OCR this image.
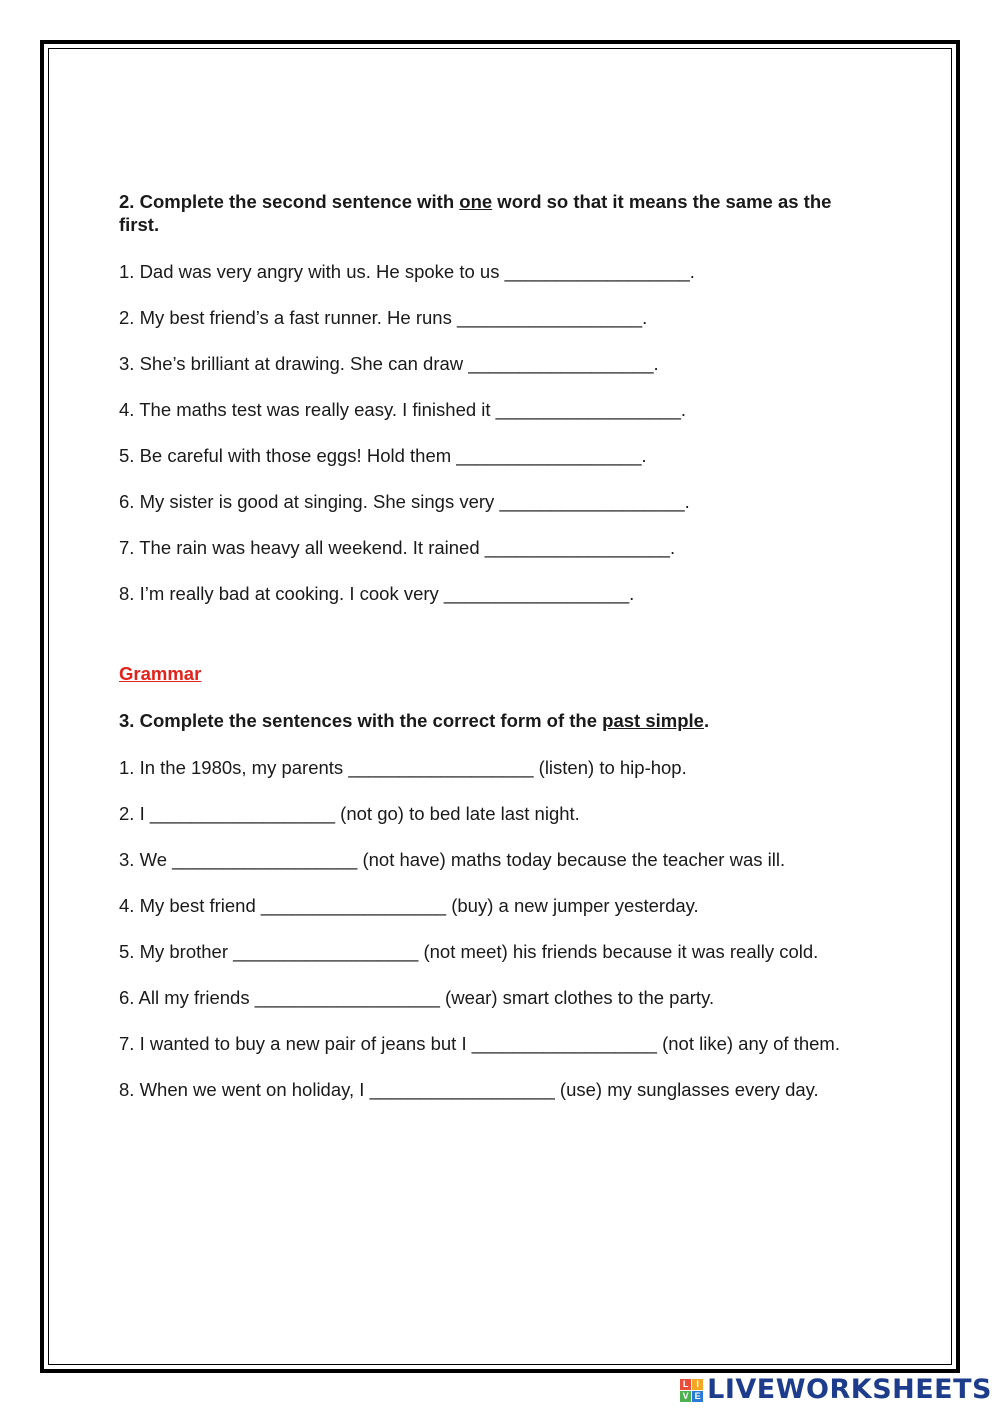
2. Complete the second sentence with one word so that it means the same as the first.

1. Dad was very angry with us. He spoke to us __________________.

2. My best friend’s a fast runner. He runs __________________.

3. She’s brilliant at drawing. She can draw __________________.

4. The maths test was really easy. I finished it __________________.

5. Be careful with those eggs! Hold them __________________.

6. My sister is good at singing. She sings very __________________.

7. The rain was heavy all weekend. It rained __________________.

8. I’m really bad at cooking. I cook very __________________.

Grammar

3. Complete the sentences with the correct form of the past simple.

1. In the 1980s, my parents __________________ (listen) to hip-hop.

2. I __________________ (not go) to bed late last night.

3. We __________________ (not have) maths today because the teacher was ill.

4. My best friend __________________ (buy) a new jumper yesterday.

5. My brother __________________ (not meet) his friends because it was really cold.

6. All my friends __________________ (wear) smart clothes to the party.

7. I wanted to buy a new pair of jeans but I __________________ (not like) any of them.

8. When we went on holiday, I __________________ (use) my sunglasses every day.

L I
V E LIVEWORKSHEETS
